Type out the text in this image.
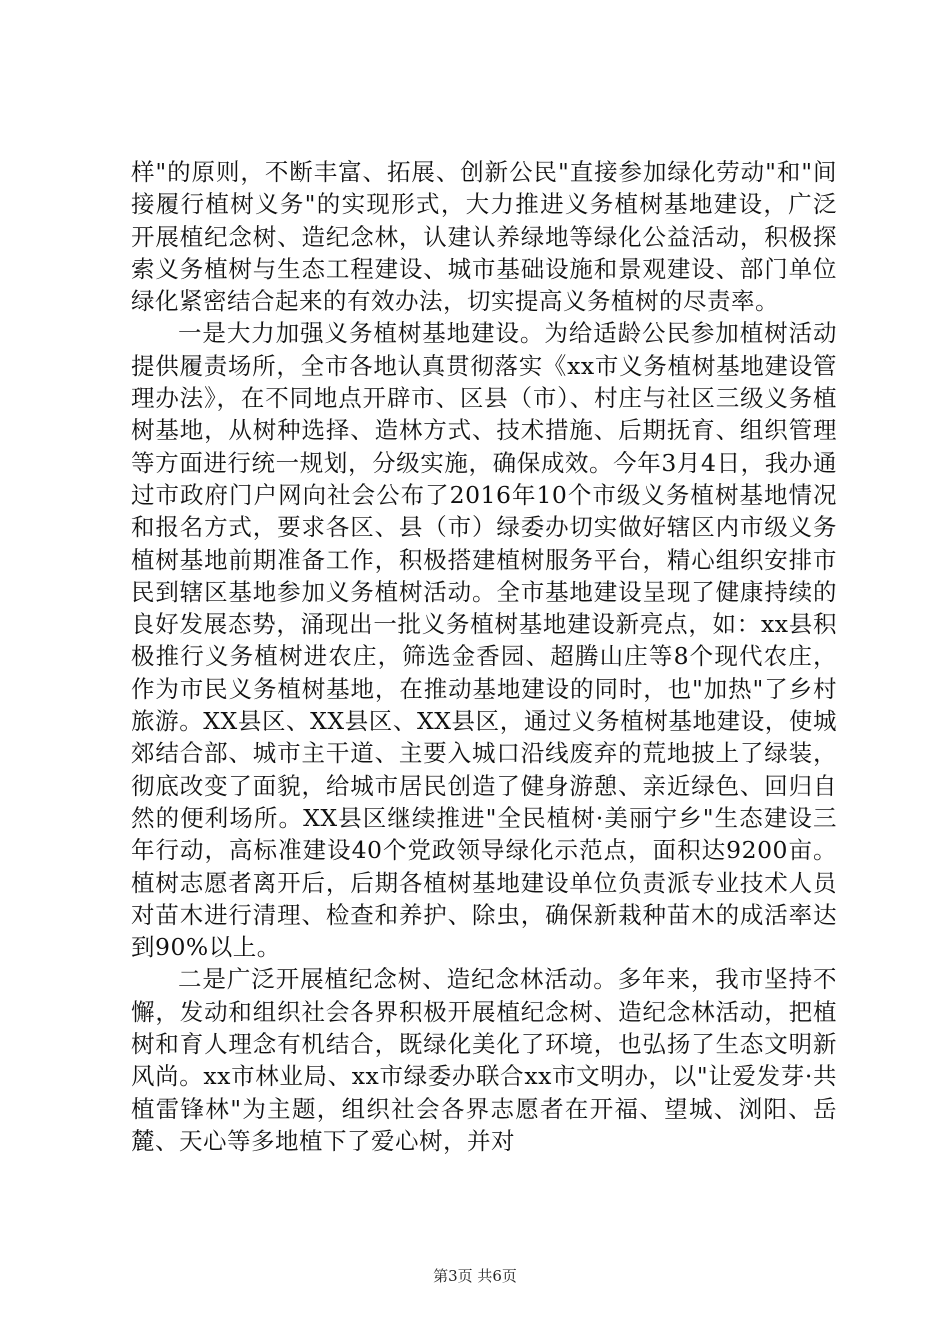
样"的原则，不断丰富、拓展、创新公民"直接参加绿化劳动"和"间接履行植树义务"的实现形式，大力推进义务植树基地建设，广泛开展植纪念树、造纪念林，认建认养绿地等绿化公益活动，积极探索义务植树与生态工程建设、城市基础设施和景观建设、部门单位绿化紧密结合起来的有效办法，切实提高义务植树的尽责率。

一是大力加强义务植树基地建设。为给适龄公民参加植树活动提供履责场所，全市各地认真贯彻落实《xx市义务植树基地建设管理办法》，在不同地点开辟市、区县（市）、村庄与社区三级义务植树基地，从树种选择、造林方式、技术措施、后期抚育、组织管理等方面进行统一规划，分级实施，确保成效。今年3月4日，我办通过市政府门户网向社会公布了2016年10个市级义务植树基地情况和报名方式，要求各区、县（市）绿委办切实做好辖区内市级义务植树基地前期准备工作，积极搭建植树服务平台，精心组织安排市民到辖区基地参加义务植树活动。全市基地建设呈现了健康持续的良好发展态势，涌现出一批义务植树基地建设新亮点，如：xx县积极推行义务植树进农庄，筛选金香园、超腾山庄等8个现代农庄，作为市民义务植树基地，在推动基地建设的同时，也"加热"了乡村旅游。XX县区、XX县区、XX县区，通过义务植树基地建设，使城郊结合部、城市主干道、主要入城口沿线废弃的荒地披上了绿装，彻底改变了面貌，给城市居民创造了健身游憩、亲近绿色、回归自然的便利场所。XX县区继续推进"全民植树·美丽宁乡"生态建设三年行动，高标准建设40个党政领导绿化示范点，面积达9200亩。植树志愿者离开后，后期各植树基地建设单位负责派专业技术人员对苗木进行清理、检查和养护、除虫，确保新栽种苗木的成活率达到90%以上。

二是广泛开展植纪念树、造纪念林活动。多年来，我市坚持不懈，发动和组织社会各界积极开展植纪念树、造纪念林活动，把植树和育人理念有机结合，既绿化美化了环境，也弘扬了生态文明新风尚。xx市林业局、xx市绿委办联合xx市文明办，以"让爱发芽·共植雷锋林"为主题，组织社会各界志愿者在开福、望城、浏阳、岳麓、天心等多地植下了爱心树，并对

第3页 共6页
